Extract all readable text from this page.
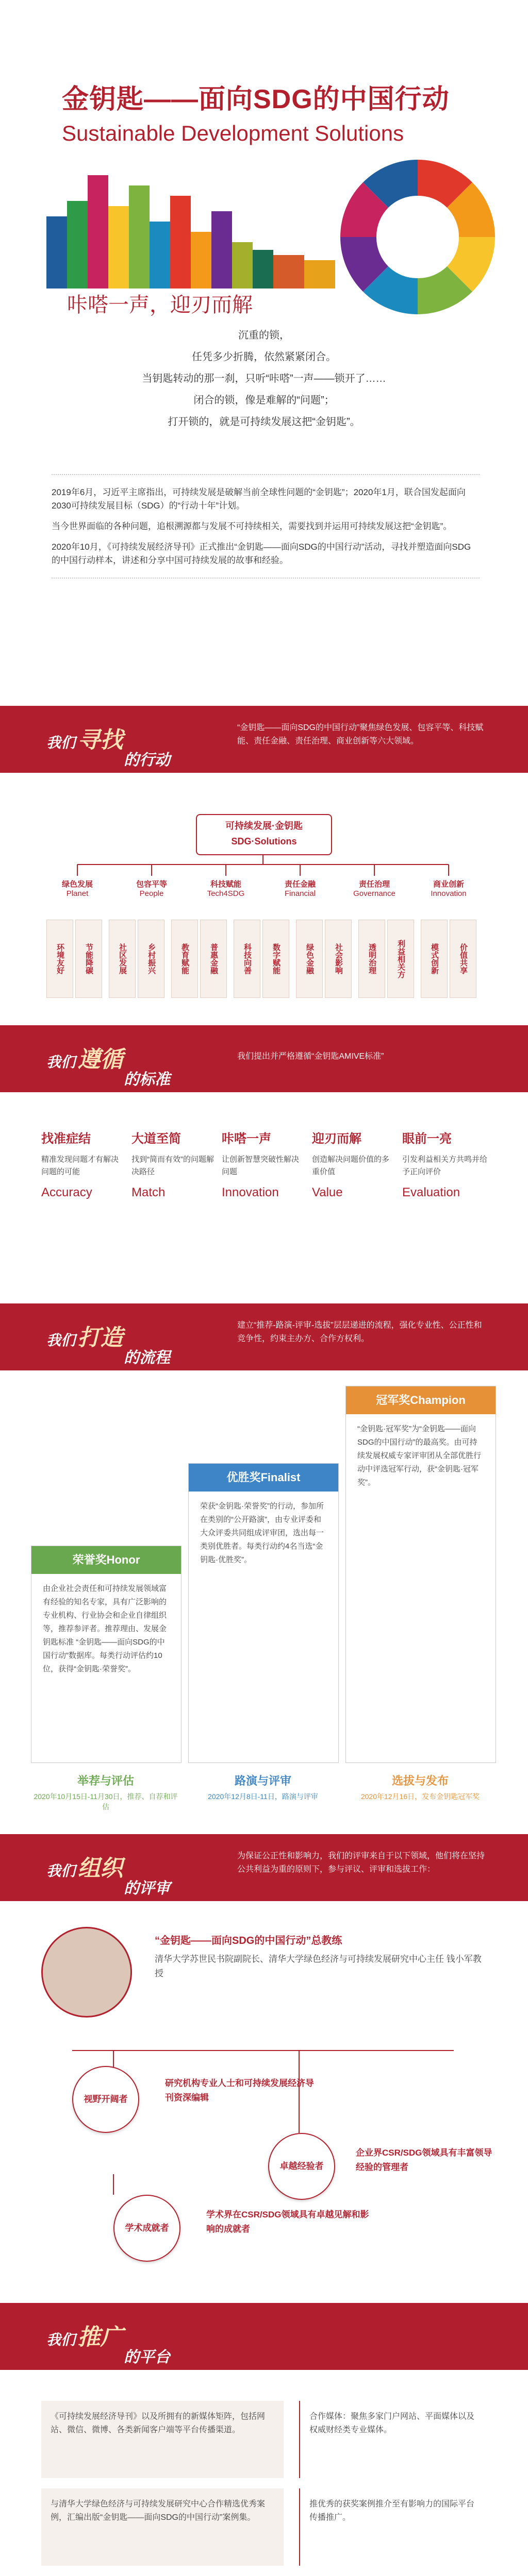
金钥匙——面向SDG的中国行动
Sustainable Development Solutions
咔嗒一声，迎刃而解
沉重的锁，
任凭多少折腾，依然紧紧闭合。
当钥匙转动的那一刹，只听“咔嗒”一声——锁开了……
闭合的锁，像是难解的“问题”；
打开锁的，就是可持续发展这把“金钥匙”。

2019年6月，习近平主席指出，可持续发展是破解当前全球性问题的“金钥匙”；2020年1月，联合国发起面向2030可持续发展目标（SDG）的“行动十年”计划。

当今世界面临的各种问题，追根溯源都与发展不可持续相关，需要找到并运用可持续发展这把“金钥匙”。

2020年10月，《可持续发展经济导刊》正式推出“金钥匙——面向SDG的中国行动”活动，寻找并塑造面向SDG的中国行动样本，讲述和分享中国可持续发展的故事和经验。

我们 寻找
的行动
“金钥匙——面向SDG的中国行动”聚焦绿色发展、包容平等、科技赋能、责任金融、责任治理、商业创新等六大领域。
可持续发展·金钥匙
SDG·Solutions
绿色发展
Planet
包容平等
People
科技赋能
Tech4SDG
责任金融
Financial
责任治理
Governance
商业创新
Innovation
环境友好	节能降碳	社区发展	乡村振兴	教育赋能	普惠金融	科技向善	数字赋能	绿色金融	社会影响	透明治理	利益相关方	模式创新	价值共享
我们 遵循
的标准
我们提出并严格遵循“金钥匙AMIVE标准”
找准症结

精准发现问题才有解决问题的可能

Accuracy
大道至简

找到“简而有效”的问题解决路径

Match
咔嗒一声

让创新智慧突破性解决问题

Innovation
迎刃而解

创造解决问题价值的多重价值

Value
眼前一亮

引发利益相关方共鸣并给予正向评价

Evaluation
我们 打造
的流程
建立“推荐-路演-评审-选拔”层层递进的流程，强化专业性、公正性和竞争性，约束主办方、合作方权利。
荣誉奖Honor
由企业社会责任和可持续发展领域富有经验的知名专家，具有广泛影响的专业机构、行业协会和企业自律组织等，推荐参评者。推荐理由、发展金钥匙标准 “金钥匙——面向SDG的中国行动”数据库。每类行动评估约10位，获得“金钥匙·荣誉奖”。
优胜奖Finalist
荣获“金钥匙·荣誉奖”的行动，参加所在类别的“公开路演”，由专业评委和大众评委共同组成评审团，选出每一类别优胜者。每类行动约4名当选“金钥匙·优胜奖”。
冠军奖Champion
“金钥匙·冠军奖”为“金钥匙——面向SDG的中国行动”的最高奖。由可持续发展权威专家评审团从全部优胜行动中评选冠军行动，获“金钥匙·冠军奖”。
举荐与评估
2020年10月15日-11月30日，推荐、自荐和评估
路演与评审
2020年12月8日-11日，路演与评审
选拔与发布
2020年12月16日，发布金钥匙冠军奖
我们 组织
的评审
为保证公正性和影响力，我们的评审来自于以下领域，他们将在坚持公共利益为重的原则下，参与评议、评审和选拔工作：
“金钥匙——面向SDG的中国行动”总教练
清华大学苏世民书院副院长、清华大学绿色经济与可持续发展研究中心主任 钱小军教授
视野开阔者
研究机构专业人士和可持续发展经济导刊资深编辑
卓越经验者
企业界CSR/SDG领域具有丰富领导经验的管理者
学术成就者
学术界在CSR/SDG领域具有卓越见解和影响的成就者
我们 推广
的平台
《可持续发展经济导刊》以及所拥有的新媒体矩阵，包括网站、微信、微博、各类新闻客户端等平台传播渠道。
与清华大学绿色经济与可持续发展研究中心合作精选优秀案例，汇编出版“金钥匙——面向SDG的中国行动”案例集。
合作媒体：聚焦多家门户网站、平面媒体以及权威财经类专业媒体。
推优秀的获奖案例推介至有影响力的国际平台传播推广。
